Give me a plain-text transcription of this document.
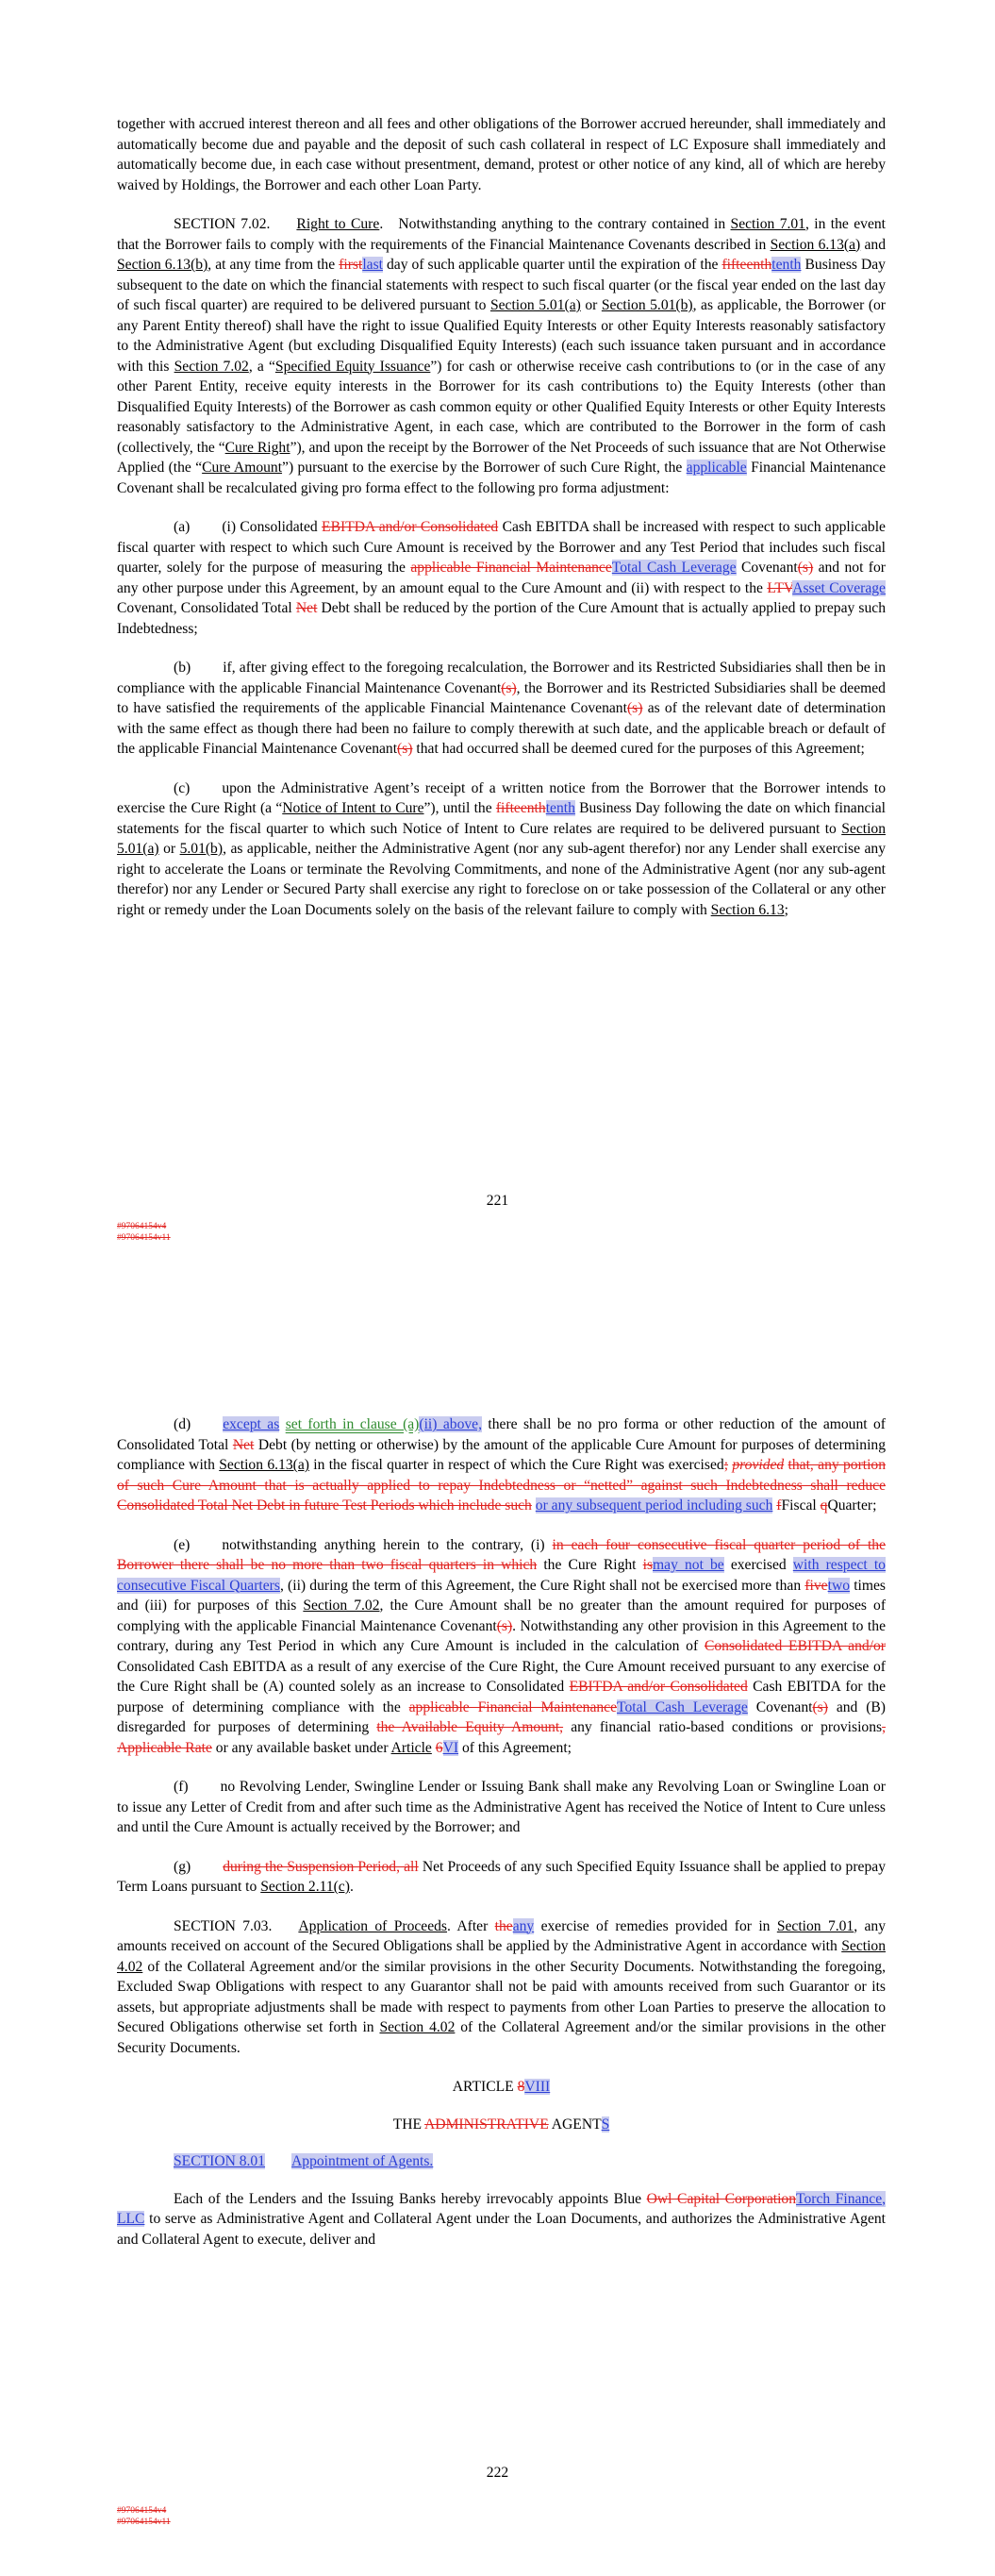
together with accrued interest thereon and all fees and other obligations of the Borrower accrued hereunder, shall immediately and automatically become due and payable and the deposit of such cash collateral in respect of LC Exposure shall immediately and automatically become due, in each case without presentment, demand, protest or other notice of any kind, all of which are hereby waived by Holdings, the Borrower and each other Loan Party.

SECTION 7.02. Right to Cure.   Notwithstanding anything to the contrary contained in Section 7.01, in the event that the Borrower fails to comply with the requirements of the Financial Maintenance Covenants described in Section 6.13(a) and Section 6.13(b), at any time from the firstlast day of such applicable quarter until the expiration of the fifteenthtenth Business Day subsequent to the date on which the financial statements with respect to such fiscal quarter (or the fiscal year ended on the last day of such fiscal quarter) are required to be delivered pursuant to Section 5.01(a) or Section 5.01(b), as applicable, the Borrower (or any Parent Entity thereof) shall have the right to issue Qualified Equity Interests or other Equity Interests reasonably satisfactory to the Administrative Agent (but excluding Disqualified Equity Interests) (each such issuance taken pursuant and in accordance with this Section 7.02, a “Specified Equity Issuance”) for cash or otherwise receive cash contributions to (or in the case of any other Parent Entity, receive equity interests in the Borrower for its cash contributions to) the Equity Interests (other than Disqualified Equity Interests) of the Borrower as cash common equity or other Qualified Equity Interests or other Equity Interests reasonably satisfactory to the Administrative Agent, in each case, which are contributed to the Borrower in the form of cash (collectively, the “Cure Right”), and upon the receipt by the Borrower of the Net Proceeds of such issuance that are Not Otherwise Applied (the “Cure Amount”) pursuant to the exercise by the Borrower of such Cure Right, the applicable Financial Maintenance Covenant shall be recalculated giving pro forma effect to the following pro forma adjustment:

(a) (i) Consolidated EBITDA and/or Consolidated Cash EBITDA shall be increased with respect to such applicable fiscal quarter with respect to which such Cure Amount is received by the Borrower and any Test Period that includes such fiscal quarter, solely for the purpose of measuring the applicable Financial MaintenanceTotal Cash Leverage Covenant(s) and not for any other purpose under this Agreement, by an amount equal to the Cure Amount and (ii) with respect to the LTVAsset Coverage Covenant, Consolidated Total Net Debt shall be reduced by the portion of the Cure Amount that is actually applied to prepay such Indebtedness;

(b) if, after giving effect to the foregoing recalculation, the Borrower and its Restricted Subsidiaries shall then be in compliance with the applicable Financial Maintenance Covenant(s), the Borrower and its Restricted Subsidiaries shall be deemed to have satisfied the requirements of the applicable Financial Maintenance Covenant(s) as of the relevant date of determination with the same effect as though there had been no failure to comply therewith at such date, and the applicable breach or default of the applicable Financial Maintenance Covenant(s) that had occurred shall be deemed cured for the purposes of this Agreement;

(c) upon the Administrative Agent’s receipt of a written notice from the Borrower that the Borrower intends to exercise the Cure Right (a “Notice of Intent to Cure”), until the fifteenthtenth Business Day following the date on which financial statements for the fiscal quarter to which such Notice of Intent to Cure relates are required to be delivered pursuant to Section 5.01(a) or 5.01(b), as applicable, neither the Administrative Agent (nor any sub-agent therefor) nor any Lender shall exercise any right to accelerate the Loans or terminate the Revolving Commitments, and none of the Administrative Agent (nor any sub-agent therefor) nor any Lender or Secured Party shall exercise any right to foreclose on or take possession of the Collateral or any other right or remedy under the Loan Documents solely on the basis of the relevant failure to comply with Section 6.13;

221
#97064154v4
#97064154v11

(d) except as set forth in clause (a)(ii) above, there shall be no pro forma or other reduction of the amount of Consolidated Total Net Debt (by netting or otherwise) by the amount of the applicable Cure Amount for purposes of determining compliance with Section 6.13(a) in the fiscal quarter in respect of which the Cure Right was exercised; provided that, any portion of such Cure Amount that is actually applied to repay Indebtedness or “netted” against such Indebtedness shall reduce Consolidated Total Net Debt in future Test Periods which include such or any subsequent period including such fFiscal qQuarter;

(e) notwithstanding anything herein to the contrary, (i) in each four consecutive fiscal quarter period of the Borrower there shall be no more than two fiscal quarters in which the Cure Right ismay not be exercised with respect to consecutive Fiscal Quarters, (ii) during the term of this Agreement, the Cure Right shall not be exercised more than fivetwo times and (iii) for purposes of this Section 7.02, the Cure Amount shall be no greater than the amount required for purposes of complying with the applicable Financial Maintenance Covenant(s). Notwithstanding any other provision in this Agreement to the contrary, during any Test Period in which any Cure Amount is included in the calculation of Consolidated EBITDA and/or Consolidated Cash EBITDA as a result of any exercise of the Cure Right, the Cure Amount received pursuant to any exercise of the Cure Right shall be (A) counted solely as an increase to Consolidated EBITDA and/or Consolidated Cash EBITDA for the purpose of determining compliance with the applicable Financial MaintenanceTotal Cash Leverage Covenant(s) and (B) disregarded for purposes of determining the Available Equity Amount, any financial ratio-based conditions or provisions, Applicable Rate or any available basket under Article 6VI of this Agreement;

(f) no Revolving Lender, Swingline Lender or Issuing Bank shall make any Revolving Loan or Swingline Loan or to issue any Letter of Credit from and after such time as the Administrative Agent has received the Notice of Intent to Cure unless and until the Cure Amount is actually received by the Borrower; and

(g) during the Suspension Period, all Net Proceeds of any such Specified Equity Issuance shall be applied to prepay Term Loans pursuant to Section 2.11(c).

SECTION 7.03. Application of Proceeds. After theany exercise of remedies provided for in Section 7.01, any amounts received on account of the Secured Obligations shall be applied by the Administrative Agent in accordance with Section 4.02 of the Collateral Agreement and/or the similar provisions in the other Security Documents. Notwithstanding the foregoing, Excluded Swap Obligations with respect to any Guarantor shall not be paid with amounts received from such Guarantor or its assets, but appropriate adjustments shall be made with respect to payments from other Loan Parties to preserve the allocation to Secured Obligations otherwise set forth in Section 4.02 of the Collateral Agreement and/or the similar provisions in the other Security Documents.

ARTICLE 8VIII

THE ADMINISTRATIVE AGENTS

SECTION 8.01 Appointment of Agents.

Each of the Lenders and the Issuing Banks hereby irrevocably appoints Blue Owl Capital CorporationTorch Finance, LLC to serve as Administrative Agent and Collateral Agent under the Loan Documents, and authorizes the Administrative Agent and Collateral Agent to execute, deliver and

222
#97064154v4
#97064154v11
